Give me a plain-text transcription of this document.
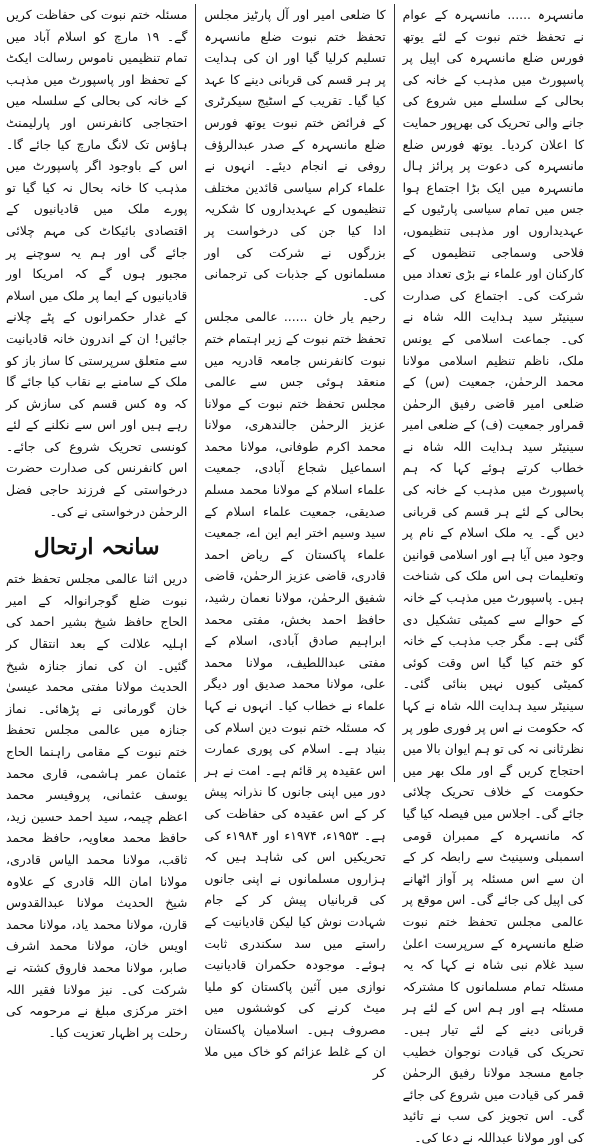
مانسہرہ ...... مانسہرہ کے عوام نے تحفظ ختم نبوت کے لئے یوتھ فورس ضلع مانسہرہ کی اپیل پر پاسپورٹ میں مذہب کے خانہ کی بحالی کے سلسلے میں شروع کی جانے والی تحریک کی بھرپور حمایت کا اعلان کردیا۔ یوتھ فورس ضلع مانسہرہ کی دعوت پر پرائز ہال مانسہرہ میں ایک بڑا اجتماع ہوا جس میں تمام سیاسی پارٹیوں کے عہدیداروں اور مذہبی تنظیموں، فلاحی وسماجی تنظیموں کے کارکنان اور علماء نے بڑی تعداد میں شرکت کی۔ اجتماع کی صدارت سینیٹر سید ہدایت اللہ شاہ نے کی۔ جماعت اسلامی کے یونس ملک، ناظم تنظیم اسلامی مولانا محمد الرحمٰن، جمعیت (س) کے ضلعی امیر قاضی رفیق الرحمٰن قمراور جمعیت (ف) کے ضلعی امیر سینیٹر سید ہدایت اللہ شاہ نے خطاب کرتے ہوئے کہا کہ ہم پاسپورٹ میں مذہب کے خانہ کی بحالی کے لئے ہر قسم کی قربانی دیں گے۔ یہ ملک اسلام کے نام پر وجود میں آیا ہے اور اسلامی قوانین وتعلیمات ہی اس ملک کی شناخت ہیں۔ پاسپورٹ میں مذہب کے خانہ کے حوالے سے کمیٹی تشکیل دی گئی ہے۔ مگر جب مذہب کے خانہ کو ختم کیا گیا اس وقت کوئی کمیٹی کیوں نہیں بنائی گئی۔ سینیٹر سید ہدایت اللہ شاہ نے کہا کہ حکومت نے اس پر فوری طور پر نظرثانی نہ کی تو ہم ایوان بالا میں احتجاج کریں گے اور ملک بھر میں حکومت کے خلاف تحریک چلائی جائے گی۔ اجلاس میں فیصلہ کیا گیا کہ مانسہرہ کے ممبران قومی اسمبلی وسینیٹ سے رابطہ کر کے ان سے اس مسئلہ پر آواز اٹھانے کی اپیل کی جائے گی۔ اس موقع پر عالمی مجلس تحفظ ختم نبوت ضلع مانسہرہ کے سرپرست اعلیٰ سید غلام نبی شاہ نے کہا کہ یہ مسئلہ تمام مسلمانوں کا مشترکہ مسئلہ ہے اور ہم اس کے لئے ہر قربانی دینے کے لئے تیار ہیں۔ تحریک کی قیادت نوجوان خطیب جامع مسجد مولانا رفیق الرحمٰن قمر کی قیادت میں شروع کی جائے گی۔ اس تجویز کی سب نے تائید کی اور مولانا عبداللہ نے دعا کی۔

کا ضلعی امیر اور آل پارٹیز مجلس تحفظ ختم نبوت ضلع مانسہرہ تسلیم کرلیا گیا اور ان کی ہدایت پر ہر قسم کی قربانی دینے کا عہد کیا گیا۔ تقریب کے اسٹیج سیکرٹری کے فرائض ختم نبوت یوتھ فورس ضلع مانسہرہ کے صدر عبدالرؤف روفی نے انجام دیئے۔ انہوں نے علماء کرام سیاسی قائدین مختلف تنظیموں کے عہدیداروں کا شکریہ ادا کیا جن کی درخواست پر بزرگوں نے شرکت کی اور مسلمانوں کے جذبات کی ترجمانی کی۔

رحیم یار خان ...... عالمی مجلس تحفظ ختم نبوت کے زیر اہتمام ختم نبوت کانفرنس جامعہ قادریہ میں منعقد ہوئی جس سے عالمی مجلس تحفظ ختم نبوت کے مولانا عزیز الرحمٰن جالندھری، مولانا محمد اکرم طوفانی، مولانا محمد اسماعیل شجاع آبادی، جمعیت علماء اسلام کے مولانا محمد مسلم صدیقی، جمعیت علماء اسلام کے سید وسیم اختر ایم این اے، جمعیت علماء پاکستان کے ریاض احمد قادری، قاضی عزیز الرحمٰن، قاضی شفیق الرحمٰن، مولانا نعمان رشید، حافظ احمد بخش، مفتی محمد ابراہیم صادق آبادی، اسلام کے مفتی عبداللطیف، مولانا محمد علی، مولانا محمد صدیق اور دیگر علماء نے خطاب کیا۔ انہوں نے کہا کہ مسئلہ ختم نبوت دین اسلام کی بنیاد ہے۔ اسلام کی پوری عمارت اس عقیدہ پر قائم ہے۔ امت نے ہر دور میں اپنی جانوں کا نذرانہ پیش کر کے اس عقیدہ کی حفاظت کی ہے۔ ۱۹۵۳ء، ۱۹۷۴ء اور ۱۹۸۴ء کی تحریکیں اس کی شاہد ہیں کہ ہزاروں مسلمانوں نے اپنی جانوں کی قربانیاں پیش کر کے جام شہادت نوش کیا لیکن قادیانیت کے راستے میں سد سکندری ثابت ہوئے۔ موجودہ حکمران قادیانیت نوازی میں آئین پاکستان کو ملیا میٹ کرنے کی کوششوں میں مصروف ہیں۔ اسلامیان پاکستان ان کے غلط عزائم کو خاک میں ملا کر

مسئلہ ختم نبوت کی حفاظت کریں گے۔ ۱۹ مارچ کو اسلام آباد میں تمام تنظیمیں ناموس رسالت ایکٹ کے تحفظ اور پاسپورٹ میں مذہب کے خانہ کی بحالی کے سلسلہ میں احتجاجی کانفرنس اور پارلیمنٹ ہاؤس تک لانگ مارچ کیا جائے گا۔ اس کے باوجود اگر پاسپورٹ میں مذہب کا خانہ بحال نہ کیا گیا تو پورے ملک میں قادیانیوں کے اقتصادی بائیکاٹ کی مہم چلائی جائے گی اور ہم یہ سوچنے پر مجبور ہوں گے کہ امریکا اور قادیانیوں کے ایما پر ملک میں اسلام کے غدار حکمرانوں کے پٹے چلانے جائیں! ان کے اندرون خانہ قادیانیت سے متعلق سرپرستی کا ساز باز کو ملک کے سامنے بے نقاب کیا جائے گا کہ وہ کس قسم کی سازش کر رہے ہیں اور اس سے نکلنے کے لئے کونسی تحریک شروع کی جائے۔ اس کانفرنس کی صدارت حضرت درخواستی کے فرزند حاجی فضل الرحمٰن درخواستی نے کی۔

سانحہ ارتحال

دریں اثنا عالمی مجلس تحفظ ختم نبوت ضلع گوجرانوالہ کے امیر الحاج حافظ شیخ بشیر احمد کی اہلیہ علالت کے بعد انتقال کر گئیں۔ ان کی نماز جنازہ شیخ الحدیث مولانا مفتی محمد عیسیٰ خان گورمانی نے پڑھائی۔ نماز جنازہ میں عالمی مجلس تحفظ ختم نبوت کے مقامی راہنما الحاج عثمان عمر ہاشمی، قاری محمد یوسف عثمانی، پروفیسر محمد اعظم چیمہ، سید احمد حسین زید، حافظ محمد معاویہ، حافظ محمد ثاقب، مولانا محمد الیاس قادری، مولانا امان اللہ قادری کے علاوہ شیخ الحدیث مولانا عبدالقدوس قارن، مولانا محمد یاد، مولانا محمد اویس خان، مولانا محمد اشرف صابر، مولانا محمد فاروق کشتہ نے شرکت کی۔ نیز مولانا فقیر اللہ اختر مرکزی مبلغ نے مرحومہ کی رحلت پر اظہار تعزیت کیا۔
